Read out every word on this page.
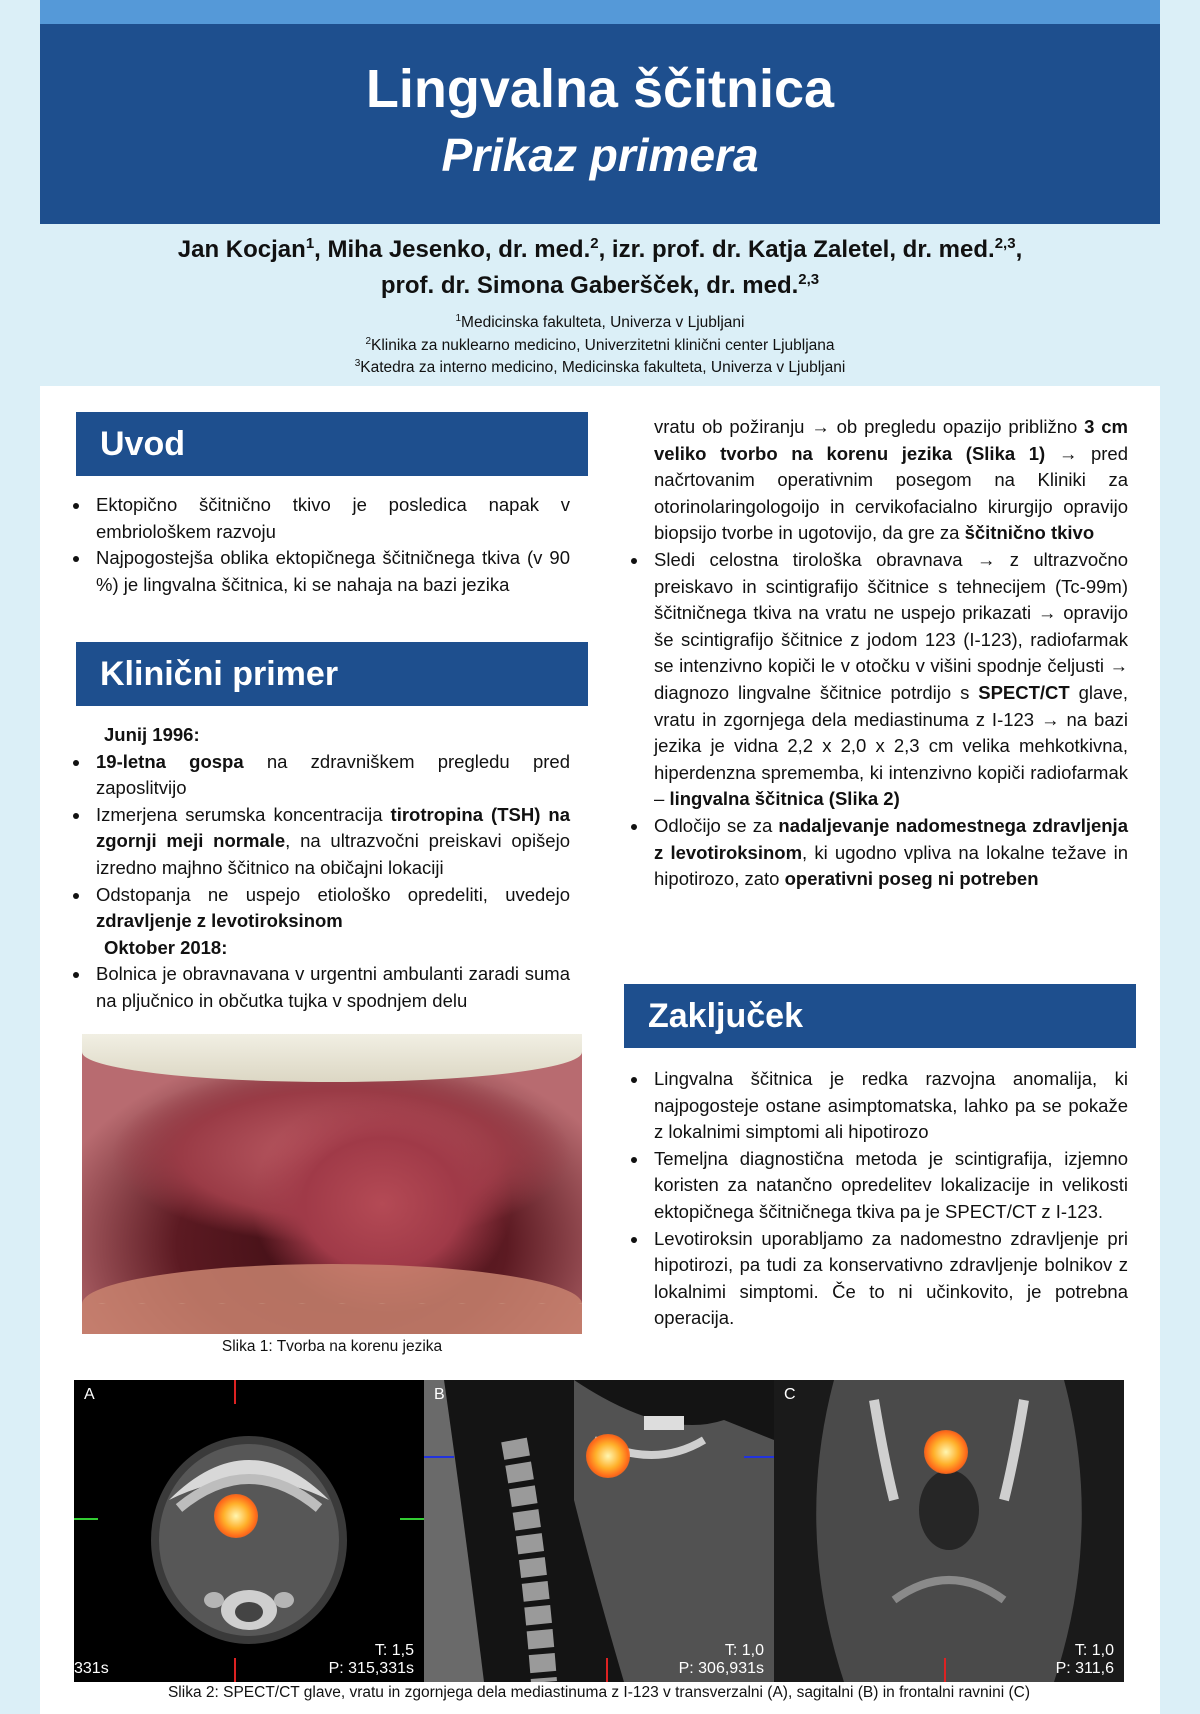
Lingvalna ščitnica
Prikaz primera
Jan Kocjan$^1$, Miha Jesenko, dr. med.$^2$, izr. prof. dr. Katja Zaletel, dr. med.$^{2,3}$,
prof. dr. Simona Gaberšček, dr. med.$^{2,3}$
$^1$Medicinska fakulteta, Univerza v Ljubljani
$^2$Klinika za nuklearno medicino, Univerzitetni klinični center Ljubljana
$^3$Katedra za interno medicino, Medicinska fakulteta, Univerza v Ljubljani
Uvod
Ektopično ščitnično tkivo je posledica napak v embriološkem razvoju
Najpogostejša oblika ektopičnega ščitničnega tkiva (v 90 %) je lingvalna ščitnica, ki se nahaja na bazi jezika
Klinični primer
Junij 1996:
19-letna gospa na zdravniškem pregledu pred zaposlitvijo
Izmerjena serumska koncentracija tirotropina (TSH) na zgornji meji normale, na ultrazvočni preiskavi opišejo izredno majhno ščitnico na običajni lokaciji
Odstopanja ne uspejo etiološko opredeliti, uvedejo zdravljenje z levotiroksinom
Oktober 2018:
Bolnica je obravnavana v urgentni ambulanti zaradi suma na pljučnico in občutka tujka v spodnjem delu
Slika 1: Tvorba na korenu jezika
vratu ob požiranju → ob pregledu opazijo približno 3 cm veliko tvorbo na korenu jezika (Slika 1) → pred načrtovanim operativnim posegom na Kliniki za otorinolaringologoijo in cervikofacialno kirurgijo opravijo biopsijo tvorbe in ugotovijo, da gre za ščitnično tkivo
Sledi celostna tirološka obravnava → z ultrazvočno preiskavo in scintigrafijo ščitnice s tehnecijem (Tc-99m) ščitničnega tkiva na vratu ne uspejo prikazati → opravijo še scintigrafijo ščitnice z jodom 123 (I-123), radiofarmak se intenzivno kopiči le v otočku v višini spodnje čeljusti → diagnozo lingvalne ščitnice potrdijo s SPECT/CT glave, vratu in zgornjega dela mediastinuma z I-123 → na bazi jezika je vidna 2,2 x 2,0 x 2,3 cm velika mehkotkivna, hiperdenzna sprememba, ki intenzivno kopiči radiofarmak – lingvalna ščitnica (Slika 2)
Odločijo se za nadaljevanje nadomestnega zdravljenja z levotiroksinom, ki ugodno vpliva na lokalne težave in hipotirozo, zato operativni poseg ni potreben
Zaključek
Lingvalna ščitnica je redka razvojna anomalija, ki najpogosteje ostane asimptomatska, lahko pa se pokaže z lokalnimi simptomi ali hipotirozo
Temeljna diagnostična metoda je scintigrafija, izjemno koristen za natančno opredelitev lokalizacije in velikosti ektopičnega ščitničnega tkiva pa je SPECT/CT z I-123.
Levotiroksin uporabljamo za nadomestno zdravljenje pri hipotirozi, pa tudi za konservativno zdravljenje bolnikov z lokalnimi simptomi. Če to ni učinkovito, je potrebna operacija.
A
331s
T: 1,5
P: 315,331s
B
T: 1,0
P: 306,931s
C
T: 1,0
P: 311,6
Slika 2: SPECT/CT glave, vratu in zgornjega dela mediastinuma z I-123 v transverzalni (A), sagitalni (B) in frontalni ravnini (C)
